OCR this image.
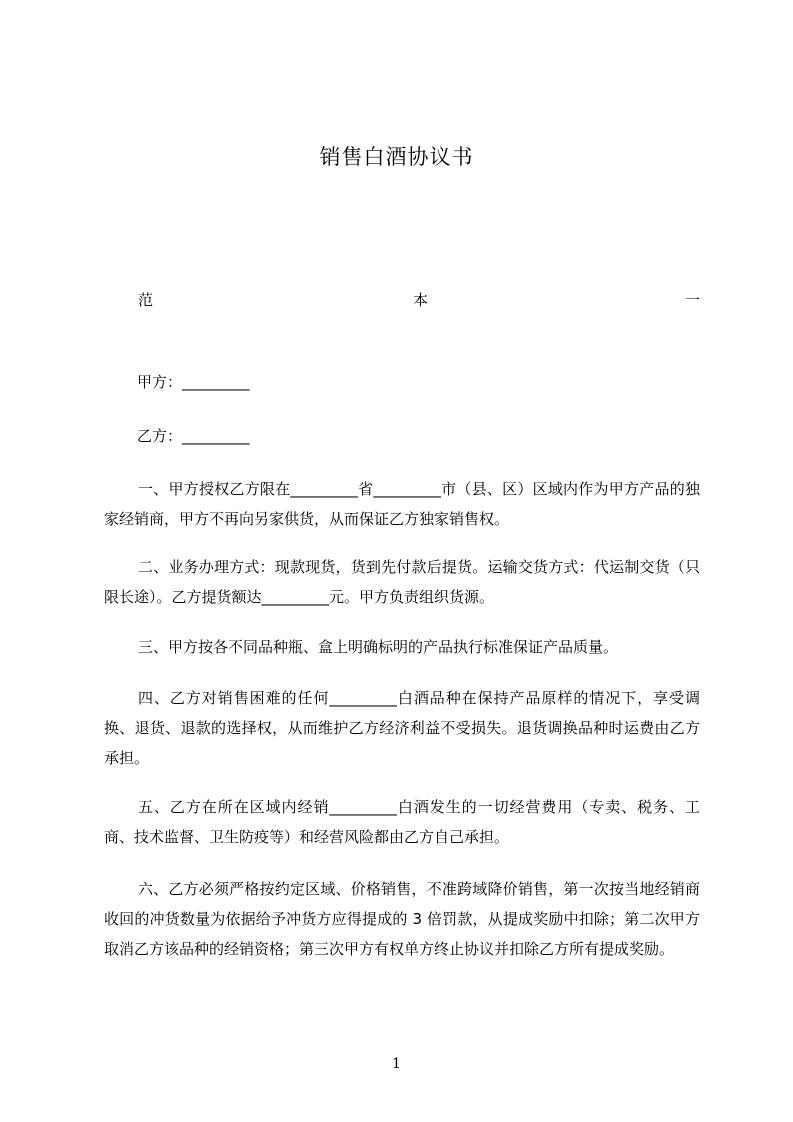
销售白酒协议书
范	本	一
甲方：_________
乙方：_________

一、甲方授权乙方限在_________省_________市（县、区）区域内作为甲方产品的独家经销商，甲方不再向另家供货，从而保证乙方独家销售权。

二、业务办理方式：现款现货，货到先付款后提货。运输交货方式：代运制交货（只限长途）。乙方提货额达_________元。甲方负责组织货源。

三、甲方按各不同品种瓶、盒上明确标明的产品执行标准保证产品质量。

四、乙方对销售困难的任何_________白酒品种在保持产品原样的情况下，享受调换、退货、退款的选择权，从而维护乙方经济利益不受损失。退货调换品种时运费由乙方承担。

五、乙方在所在区域内经销_________白酒发生的一切经营费用（专卖、税务、工商、技术监督、卫生防疫等）和经营风险都由乙方自己承担。

六、乙方必须严格按约定区域、价格销售，不准跨域降价销售，第一次按当地经销商收回的冲货数量为依据给予冲货方应得提成的 3 倍罚款，从提成奖励中扣除；第二次甲方取消乙方该品种的经销资格；第三次甲方有权单方终止协议并扣除乙方所有提成奖励。

1
